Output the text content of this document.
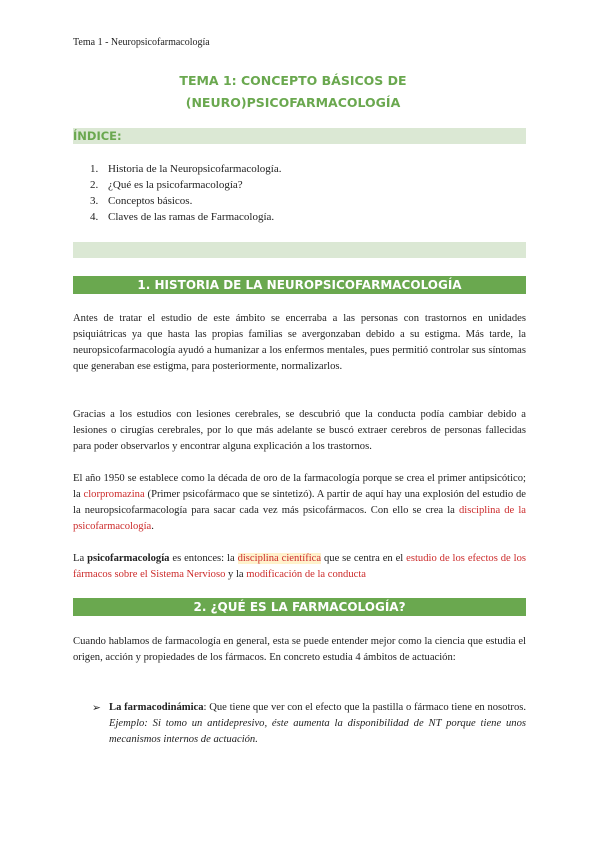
Tema 1 - Neuropsicofarmacología
TEMA 1: CONCEPTO BÁSICOS DE
(NEURO)PSICOFARMACOLOGÍA
ÍNDICE:
1. Historia de la Neuropsicofarmacología.
2. ¿Qué es la psicofarmacología?
3. Conceptos básicos.
4. Claves de las ramas de Farmacología.
1. HISTORIA DE LA NEUROPSICOFARMACOLOGÍA

Antes de tratar el estudio de este ámbito se encerraba a las personas con trastornos en unidades psiquiátricas ya que hasta las propias familias se avergonzaban debido a su estigma. Más tarde, la neuropsicofarmacología ayudó a humanizar a los enfermos mentales, pues permitió controlar sus síntomas que generaban ese estigma, para posteriormente, normalizarlos.

Gracias a los estudios con lesiones cerebrales, se descubrió que la conducta podía cambiar debido a lesiones o cirugías cerebrales, por lo que más adelante se buscó extraer cerebros de personas fallecidas para poder observarlos y encontrar alguna explicación a los trastornos.

El año 1950 se establece como la década de oro de la farmacología porque se crea el primer antipsicótico; la clorpromazina (Primer psicofármaco que se sintetizó). A partir de aquí hay una explosión del estudio de la neuropsicofarmacología para sacar cada vez más psicofármacos. Con ello se crea la disciplina de la psicofarmacología.

La psicofarmacología es entonces: la disciplina científica que se centra en el estudio de los efectos de los fármacos sobre el Sistema Nervioso y la modificación de la conducta

2. ¿QUÉ ES LA FARMACOLOGÍA?

Cuando hablamos de farmacología en general, esta se puede entender mejor como la ciencia que estudia el origen, acción y propiedades de los fármacos. En concreto estudia 4 ámbitos de actuación:

➢ La farmacodinámica: Que tiene que ver con el efecto que la pastilla o fármaco tiene en nosotros. Ejemplo: Si tomo un antidepresivo, éste aumenta la disponibilidad de NT porque tiene unos mecanismos internos de actuación.
